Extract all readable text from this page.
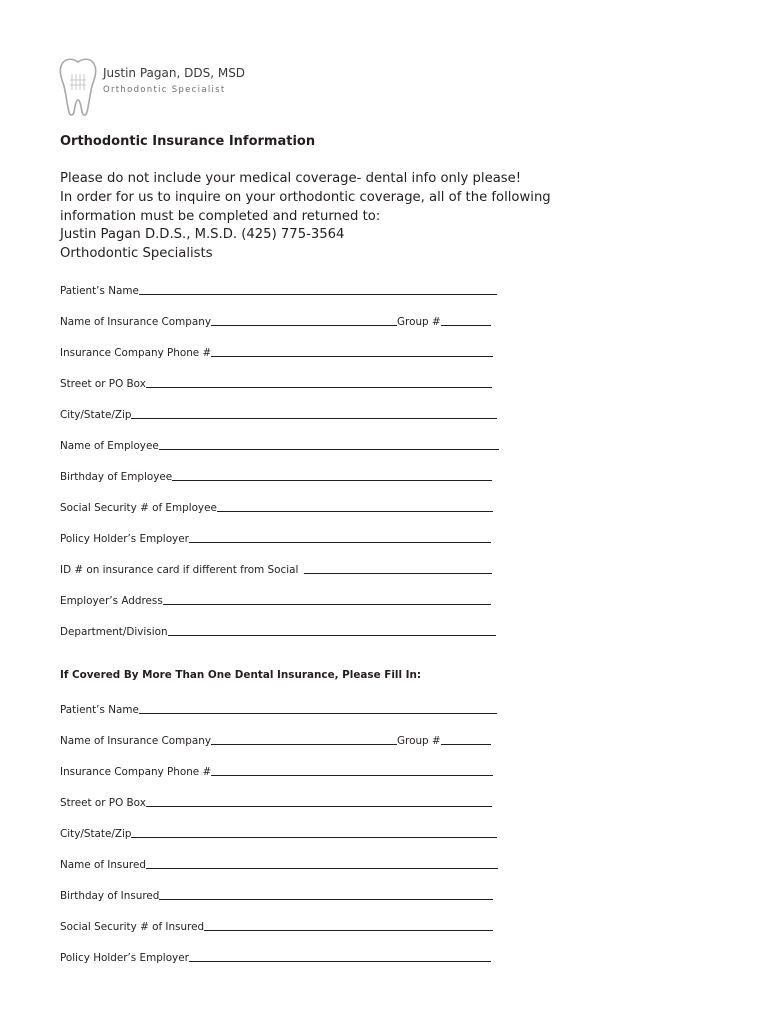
Justin Pagan, DDS, MSD
Orthodontic Specialist
Orthodontic Insurance Information
Please do not include your medical coverage- dental info only please!
In order for us to inquire on your orthodontic coverage, all of the following
information must be completed and returned to:
Justin Pagan D.D.S., M.S.D. (425) 775-3564
Orthodontic Specialists
Patient’s Name
Name of Insurance Company	Group #
Insurance Company Phone #
Street or PO Box
City/State/Zip
Name of Employee
Birthday of Employee
Social Security # of Employee
Policy Holder’s Employer
ID # on insurance card if different from Social
Employer’s Address
Department/Division
If Covered By More Than One Dental Insurance, Please Fill In:
Patient’s Name
Name of Insurance Company	Group #
Insurance Company Phone #
Street or PO Box
City/State/Zip
Name of Insured
Birthday of Insured
Social Security # of Insured
Policy Holder’s Employer
